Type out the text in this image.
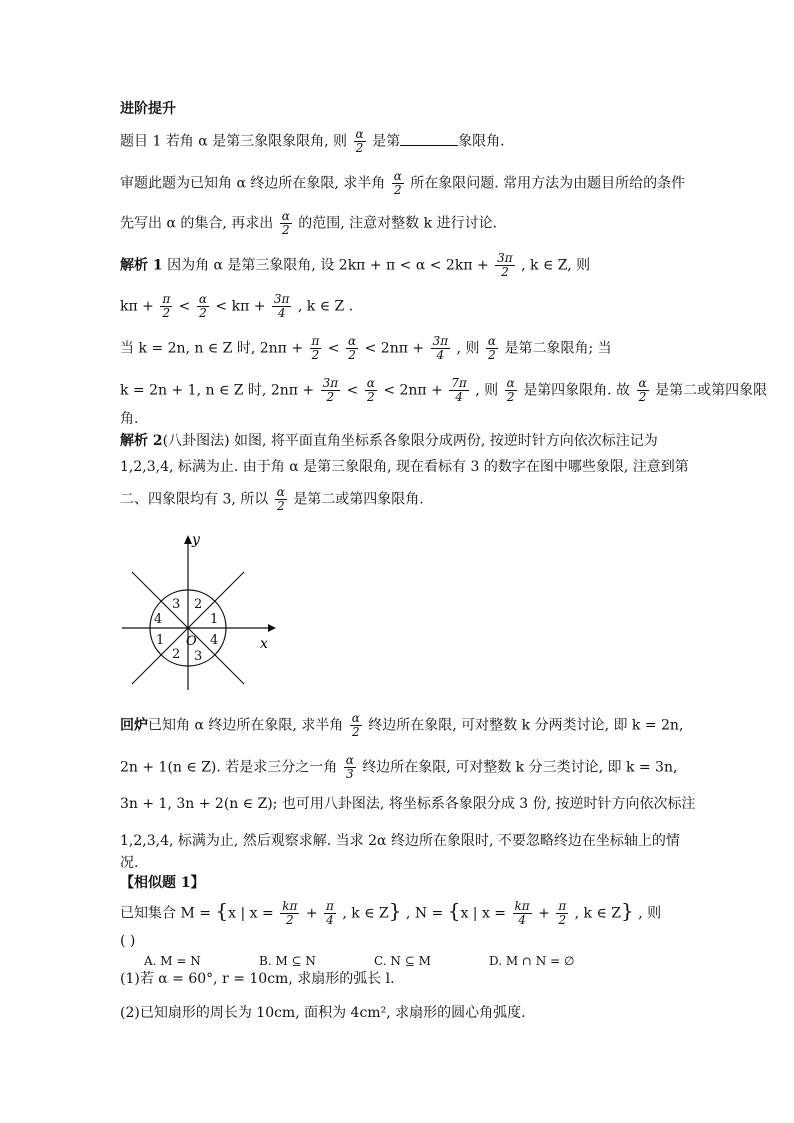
进阶提升
题目 1 若角 α 是第三象限象限角, 则 $\frac{\alpha}{2}$ 是第	象限角.
审题此题为已知角 α 终边所在象限, 求半角 $\frac{\alpha}{2}$ 所在象限问题. 常用方法为由题目所给的条件
先写出 α 的集合, 再求出 $\frac{\alpha}{2}$ 的范围, 注意对整数 k 进行讨论.
解析 1 因为角 α 是第三象限角, 设 $2k\pi + \pi < \alpha < 2k\pi + \frac{3\pi}{2}$ , k ∈ Z, 则
$k\pi + \frac{\pi}{2} < \frac{\alpha}{2} < k\pi + \frac{3\pi}{4}$ , k ∈ Z .
当 k = 2n, n ∈ Z 时, $2n\pi + \frac{\pi}{2} < \frac{\alpha}{2} < 2n\pi + \frac{3\pi}{4}$ , 则 $\frac{\alpha}{2}$ 是第二象限角; 当
k = 2n + 1, n ∈ Z 时, $2n\pi + \frac{3\pi}{2} < \frac{\alpha}{2} < 2n\pi + \frac{7\pi}{4}$ , 则 $\frac{\alpha}{2}$ 是第四象限角. 故 $\frac{\alpha}{2}$ 是第二或第四象限
角.
解析 2(八卦图法) 如图, 将平面直角坐标系各象限分成两份, 按逆时针方向依次标注记为
1,2,3,4, 标满为止. 由于角 α 是第三象限角, 现在看标有 3 的数字在图中哪些象限, 注意到第
二、四象限均有 3, 所以 $\frac{\alpha}{2}$ 是第二或第四象限角.
y
x
O
3 2
4	1
1	4
2 3
回炉已知角 α 终边所在象限, 求半角 $\frac{\alpha}{2}$ 终边所在象限, 可对整数 k 分两类讨论, 即 k = 2n,
2n + 1(n ∈ Z). 若是求三分之一角 $\frac{\alpha}{3}$ 终边所在象限, 可对整数 k 分三类讨论, 即 k = 3n,
3n + 1, 3n + 2(n ∈ Z); 也可用八卦图法, 将坐标系各象限分成 3 份, 按逆时针方向依次标注
1,2,3,4, 标满为止, 然后观察求解. 当求 2α 终边所在象限时, 不要忽略终边在坐标轴上的情
况.
【相似题 1】
已知集合 M = {x | $x = \frac{k\pi}{2} + \frac{\pi}{4}$ , k ∈ Z} , N = {x | $x = \frac{k\pi}{4} + \frac{\pi}{2}$ , k ∈ Z} , 则
( )
A. M = N	B. M ⊆ N	C. N ⊆ M	D. M ∩ N = ∅
(1)若 α = 60°, r = 10cm, 求扇形的弧长 l.
(2)已知扇形的周长为 10cm, 面积为 4cm², 求扇形的圆心角弧度.
